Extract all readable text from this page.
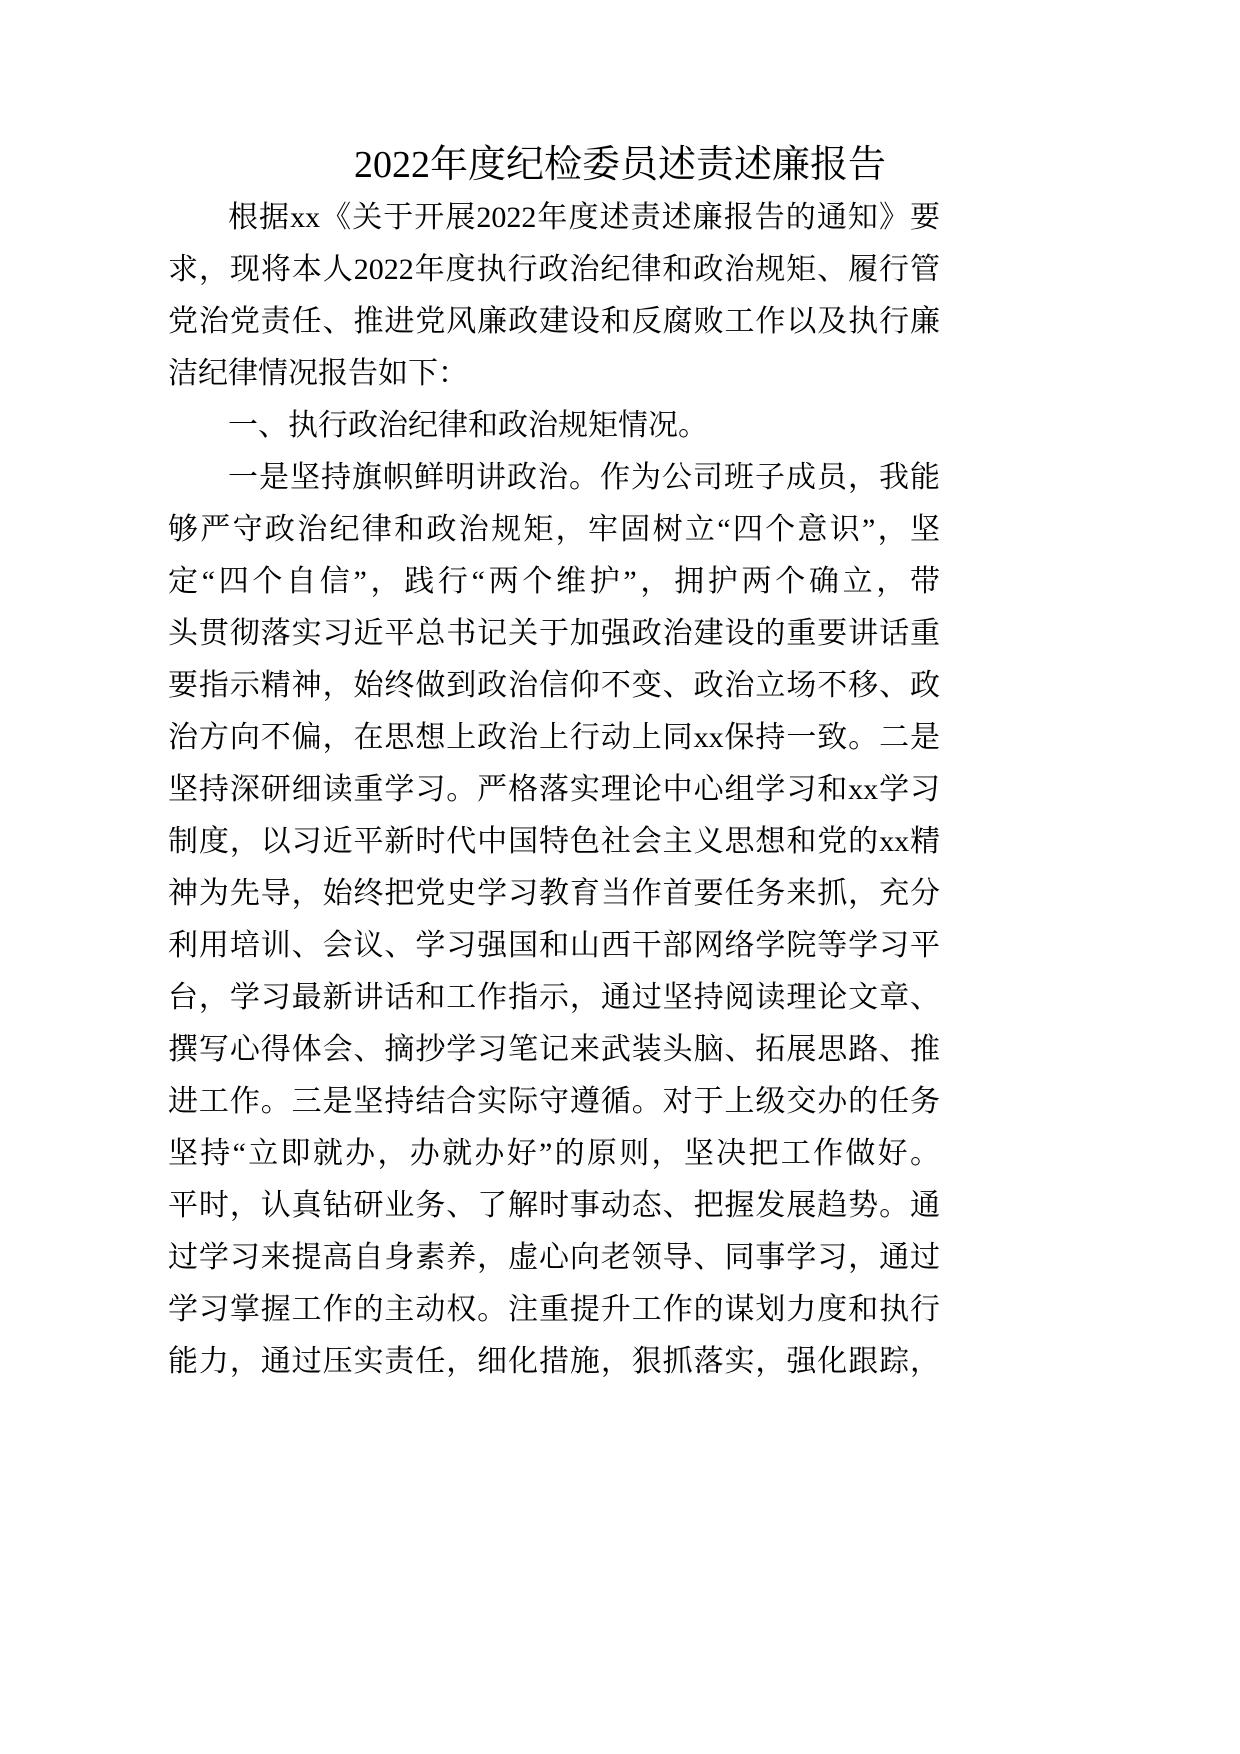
2022年度纪检委员述责述廉报告
根据xx《关于开展2022年度述责述廉报告的通知》要
求，现将本人2022年度执行政治纪律和政治规矩、履行管
党治党责任、推进党风廉政建设和反腐败工作以及执行廉
洁纪律情况报告如下：
一、执行政治纪律和政治规矩情况。
一是坚持旗帜鲜明讲政治。作为公司班子成员，我能
够严守政治纪律和政治规矩，牢固树立“四个意识”，坚
定“四个自信”，践行“两个维护”，拥护两个确立，带
头贯彻落实习近平总书记关于加强政治建设的重要讲话重
要指示精神，始终做到政治信仰不变、政治立场不移、政
治方向不偏，在思想上政治上行动上同xx保持一致。二是
坚持深研细读重学习。严格落实理论中心组学习和xx学习
制度，以习近平新时代中国特色社会主义思想和党的xx精
神为先导，始终把党史学习教育当作首要任务来抓，充分
利用培训、会议、学习强国和山西干部网络学院等学习平
台，学习最新讲话和工作指示，通过坚持阅读理论文章、
撰写心得体会、摘抄学习笔记来武装头脑、拓展思路、推
进工作。三是坚持结合实际守遵循。对于上级交办的任务
坚持“立即就办，办就办好”的原则，坚决把工作做好。
平时，认真钻研业务、了解时事动态、把握发展趋势。通
过学习来提高自身素养，虚心向老领导、同事学习，通过
学习掌握工作的主动权。注重提升工作的谋划力度和执行
能力，通过压实责任，细化措施，狠抓落实，强化跟踪，
